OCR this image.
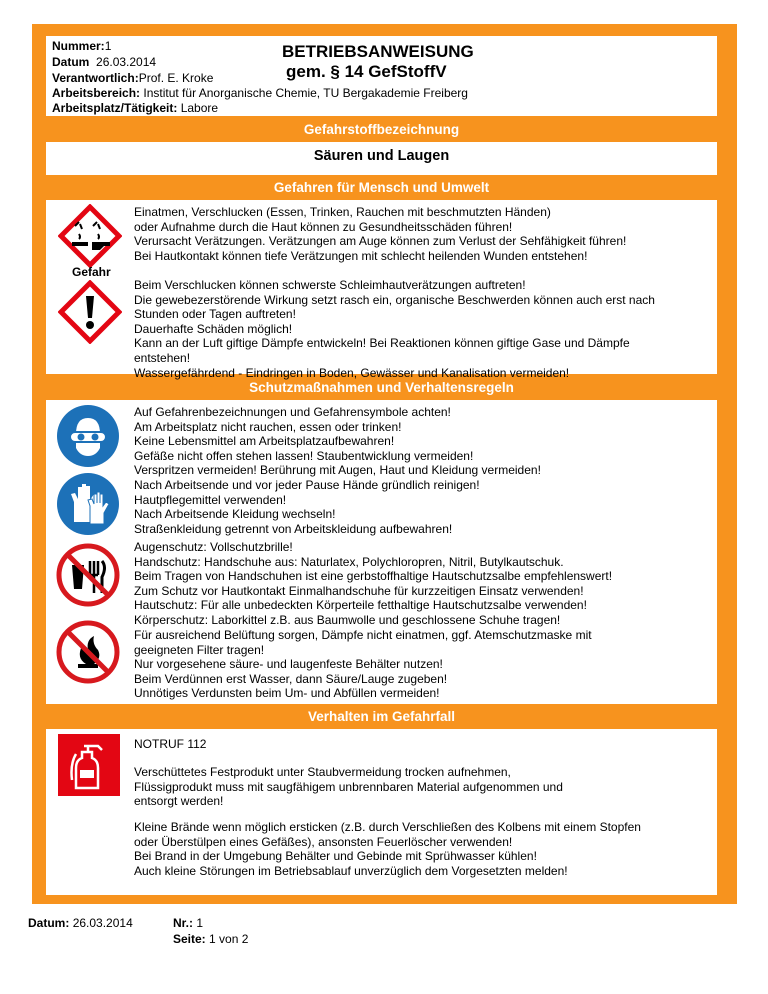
Nummer:1
Datum 26.03.2014
Verantwortlich:Prof. E. Kroke
Arbeitsbereich: Institut für Anorganische Chemie, TU Bergakademie Freiberg
Arbeitsplatz/Tätigkeit: Labore
BETRIEBSANWEISUNG
gem. § 14 GefStoffV
Gefahrstoffbezeichnung
Säuren und Laugen
Gefahren für Mensch und Umwelt
Gefahr
Einatmen, Verschlucken (Essen, Trinken, Rauchen mit beschmutzten Händen)
oder Aufnahme durch die Haut können zu Gesundheitsschäden führen!
Verursacht Verätzungen. Verätzungen am Auge können zum Verlust der Sehfähigkeit führen!
Bei Hautkontakt können tiefe Verätzungen mit schlecht heilenden Wunden entstehen!
Beim Verschlucken können schwerste Schleimhautverätzungen auftreten!
Die gewebezerstörende Wirkung setzt rasch ein, organische Beschwerden können auch erst nach
Stunden oder Tagen auftreten!
Dauerhafte Schäden möglich!
Kann an der Luft giftige Dämpfe entwickeln! Bei Reaktionen können giftige Gase und Dämpfe
entstehen!
Wassergefährdend - Eindringen in Boden, Gewässer und Kanalisation vermeiden!
Schutzmaßnahmen und Verhaltensregeln
Auf Gefahrenbezeichnungen und Gefahrensymbole achten!
Am Arbeitsplatz nicht rauchen, essen oder trinken!
Keine Lebensmittel am Arbeitsplatzaufbewahren!
Gefäße nicht offen stehen lassen! Staubentwicklung vermeiden!
Verspritzen vermeiden! Berührung mit Augen, Haut und Kleidung vermeiden!
Nach Arbeitsende und vor jeder Pause Hände gründlich reinigen!
Hautpflegemittel verwenden!
Nach Arbeitsende Kleidung wechseln!
Straßenkleidung getrennt von Arbeitskleidung aufbewahren!
Augenschutz: Vollschutzbrille!
Handschutz: Handschuhe aus: Naturlatex, Polychloropren, Nitril, Butylkautschuk.
Beim Tragen von Handschuhen ist eine gerbstoffhaltige Hautschutzsalbe empfehlenswert!
Zum Schutz vor Hautkontakt Einmalhandschuhe für kurzzeitigen Einsatz verwenden!
Hautschutz: Für alle unbedeckten Körperteile fetthaltige Hautschutzsalbe verwenden!
Körperschutz: Laborkittel z.B. aus Baumwolle und geschlossene Schuhe tragen!
Für ausreichend Belüftung sorgen, Dämpfe nicht einatmen, ggf. Atemschutzmaske mit
geeigneten Filter tragen!
Nur vorgesehene säure- und laugenfeste Behälter nutzen!
Beim Verdünnen erst Wasser, dann Säure/Lauge zugeben!
Unnötiges Verdunsten beim Um- und Abfüllen vermeiden!
Verhalten im Gefahrfall
NOTRUF 112
Verschüttetes Festprodukt unter Staubvermeidung trocken aufnehmen,
Flüssigprodukt muss mit saugfähigem unbrennbaren Material aufgenommen und
entsorgt werden!
Kleine Brände wenn möglich ersticken (z.B. durch Verschließen des Kolbens mit einem Stopfen
oder Überstülpen eines Gefäßes), ansonsten Feuerlöscher verwenden!
Bei Brand in der Umgebung Behälter und Gebinde mit Sprühwasser kühlen!
Auch kleine Störungen im Betriebsablauf unverzüglich dem Vorgesetzten melden!
Datum: 26.03.2014	Nr.: 1
Seite: 1 von 2
